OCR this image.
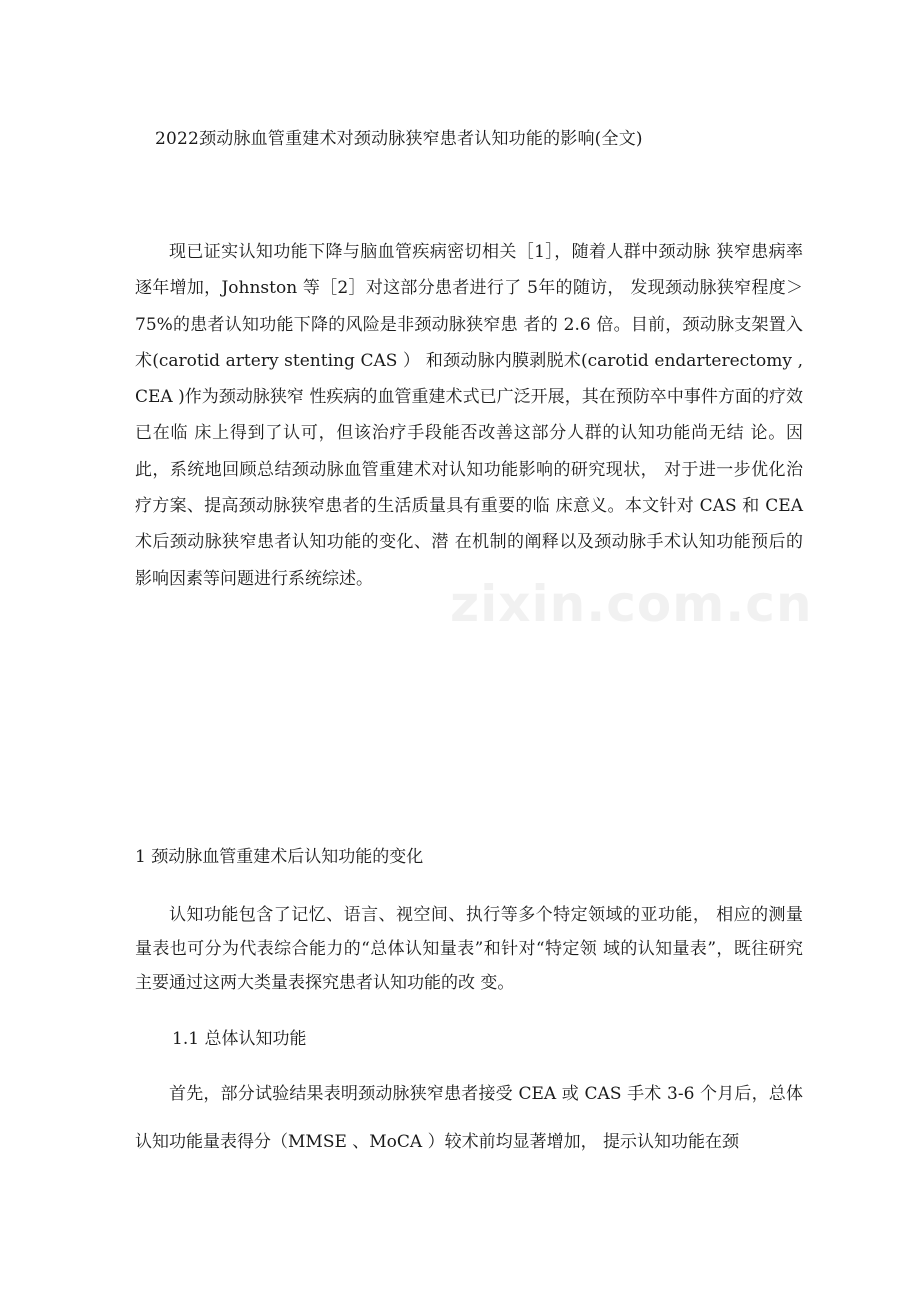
2022颈动脉血管重建术对颈动脉狭窄患者认知功能的影响(全文)

现已证实认知功能下降与脑血管疾病密切相关［1］，随着人群中颈动脉 狭窄患病率逐年增加，Johnston 等［2］对这部分患者进行了 5年的随访， 发现颈动脉狭窄程度＞75%的患者认知功能下降的风险是非颈动脉狭窄患 者的 2.6 倍。目前，颈动脉支架置入术(carotid artery stenting CAS ） 和颈动脉内膜剥脱术(carotid endarterectomy , CEA )作为颈动脉狭窄 性疾病的血管重建术式已广泛开展，其在预防卒中事件方面的疗效已在临 床上得到了认可，但该治疗手段能否改善这部分人群的认知功能尚无结 论。因此，系统地回顾总结颈动脉血管重建术对认知功能影响的研究现状， 对于进一步优化治疗方案、提高颈动脉狭窄患者的生活质量具有重要的临 床意义。本文针对 CAS 和 CEA 术后颈动脉狭窄患者认知功能的变化、潜 在机制的阐释以及颈动脉手术认知功能预后的影响因素等问题进行系统综述。

1 颈动脉血管重建术后认知功能的变化

认知功能包含了记忆、语言、视空间、执行等多个特定领域的亚功能， 相应的测量量表也可分为代表综合能力的“总体认知量表”和针对“特定领 域的认知量表”，既往研究主要通过这两大类量表探究患者认知功能的改 变。

1.1 总体认知功能

首先，部分试验结果表明颈动脉狭窄患者接受 CEA 或 CAS 手术 3-6 个月后，总体认知功能量表得分（MMSE 、MoCA ）较术前均显著增加， 提示认知功能在颈

zixin.com.cn
